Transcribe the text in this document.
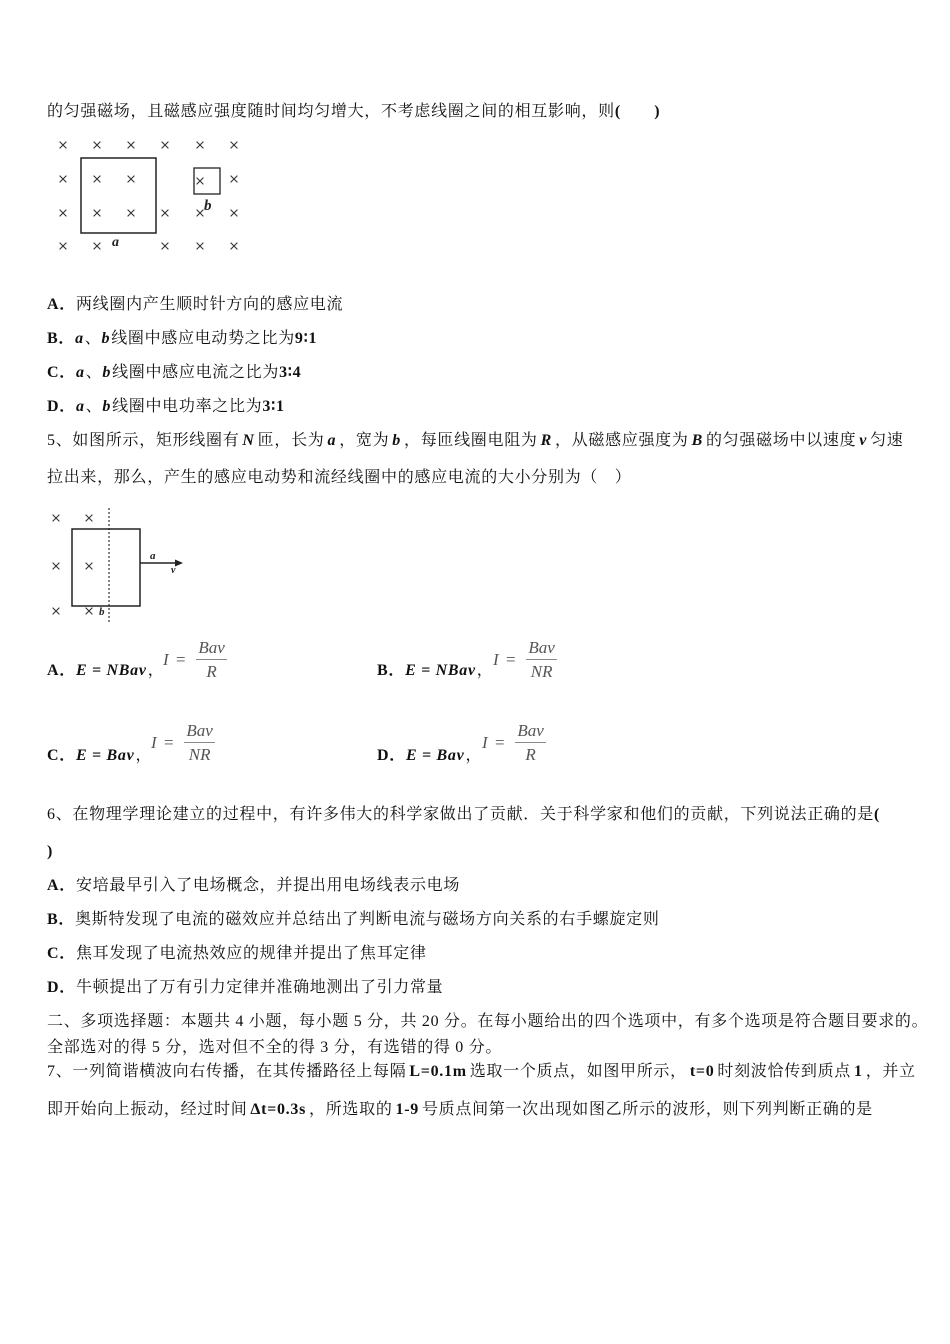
的匀强磁场，且磁感应强度随时间均匀增大，不考虑线圈之间的相互影响，则(　　)
a
b
A．两线圈内产生顺时针方向的感应电流
B．a、b线圈中感应电动势之比为9∶1
C．a、b线圈中感应电流之比为3∶4
D．a、b线圈中电功率之比为3∶1
5、如图所示，矩形线圈有 N 匝，长为 a ，宽为 b ，每匝线圈电阻为 R ，从磁感应强度为 B 的匀强磁场中以速度 v 匀速
拉出来，那么，产生的感应电动势和流经线圈中的感应电流的大小分别为（　）
a
v
b
A．E = NBav，
$I = \frac{\text{Bav}}{R}$	B．E = NBav，
$I = \frac{\text{Bav}}{NR}$
C．E = Bav，
$I = \frac{\text{Bav}}{NR}$	D．E = Bav，
$I = \frac{\text{Bav}}{R}$
6、在物理学理论建立的过程中，有许多伟大的科学家做出了贡献．关于科学家和他们的贡献，下列说法正确的是(
)
A．安培最早引入了电场概念，并提出用电场线表示电场
B．奥斯特发现了电流的磁效应并总结出了判断电流与磁场方向关系的右手螺旋定则
C．焦耳发现了电流热效应的规律并提出了焦耳定律
D．牛顿提出了万有引力定律并准确地测出了引力常量
二、多项选择题：本题共 4 小题，每小题 5 分，共 20 分。在每小题给出的四个选项中，有多个选项是符合题目要求的。
全部选对的得 5 分，选对但不全的得 3 分，有选错的得 0 分。
7、一列简谐横波向右传播，在其传播路径上每隔 L=0.1m 选取一个质点，如图甲所示， t=0 时刻波恰传到质点 1 ，并立
即开始向上振动，经过时间 Δt=0.3s ，所选取的 1-9 号质点间第一次出现如图乙所示的波形，则下列判断正确的是
